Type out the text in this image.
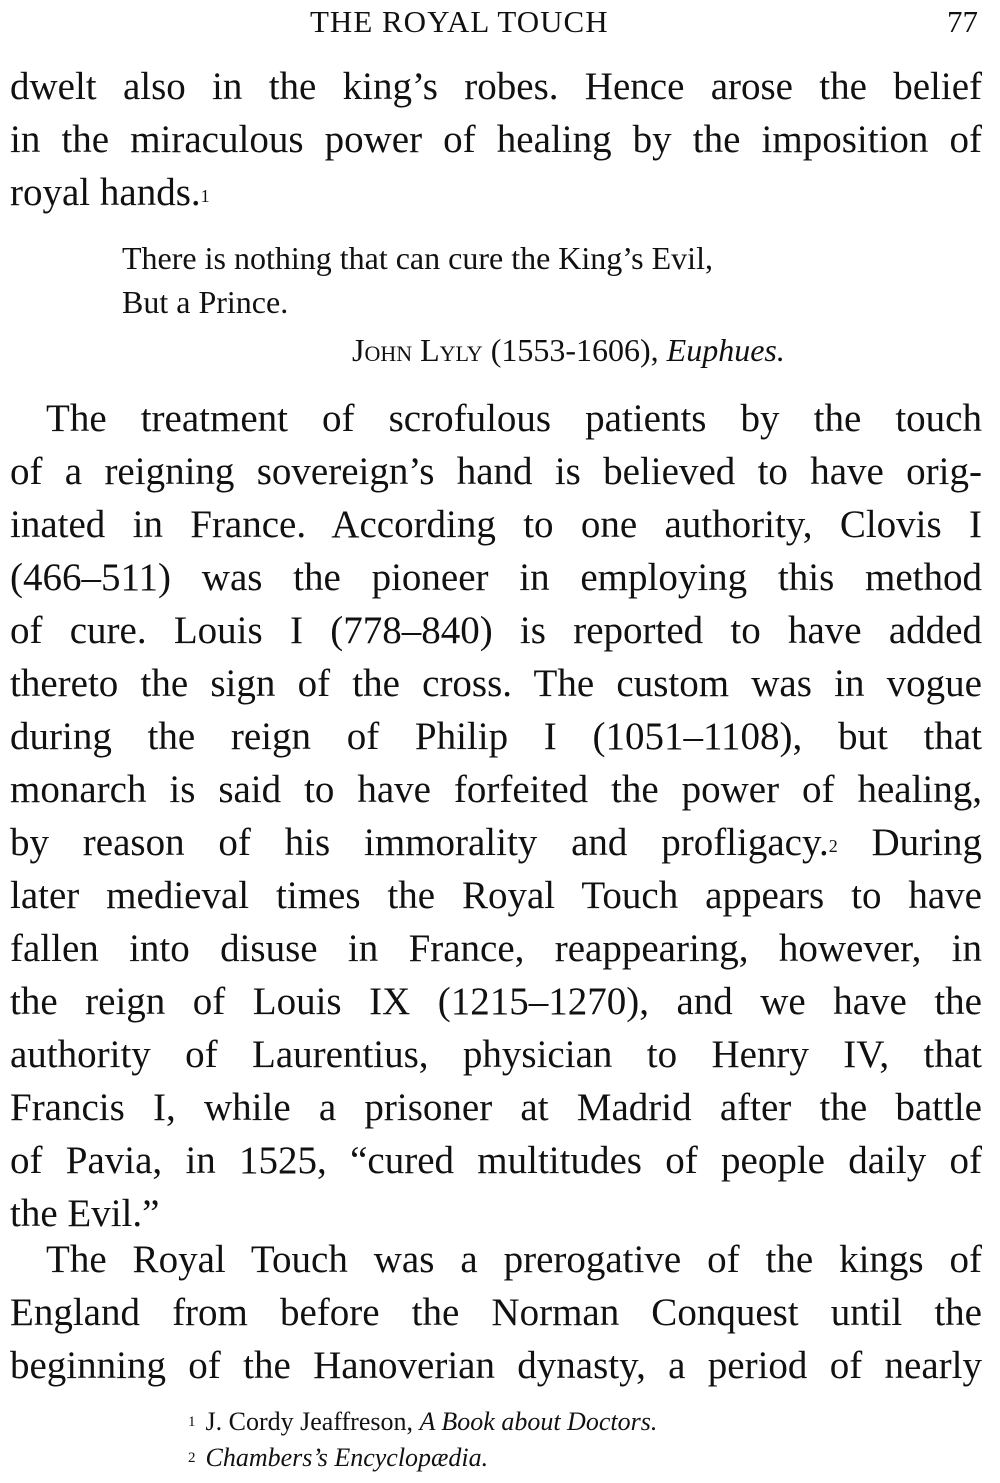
THE ROYAL TOUCH	77
dwelt also in the king’s robes. Hence arose the belief
in the miraculous power of healing by the imposition of
royal hands.$^1$
There is nothing that can cure the King’s Evil,
But a Prince.
John Lyly (1553-1606), Euphues.
The treatment of scrofulous patients by the touch
of a reigning sovereign’s hand is believed to have orig-
inated in France. According to one authority, Clovis I
(466–511) was the pioneer in employing this method
of cure. Louis I (778–840) is reported to have added
thereto the sign of the cross. The custom was in vogue
during the reign of Philip I (1051–1108), but that
monarch is said to have forfeited the power of healing,
by reason of his immorality and profligacy.$^2$ During
later medieval times the Royal Touch appears to have
fallen into disuse in France, reappearing, however, in
the reign of Louis IX (1215–1270), and we have the
authority of Laurentius, physician to Henry IV, that
Francis I, while a prisoner at Madrid after the battle
of Pavia, in 1525, “cured multitudes of people daily of
the Evil.”
The Royal Touch was a prerogative of the kings of
England from before the Norman Conquest until the
beginning of the Hanoverian dynasty, a period of nearly
$^1$ J. Cordy Jeaffreson, A Book about Doctors.
$^2$ Chambers’s Encyclopædia.
